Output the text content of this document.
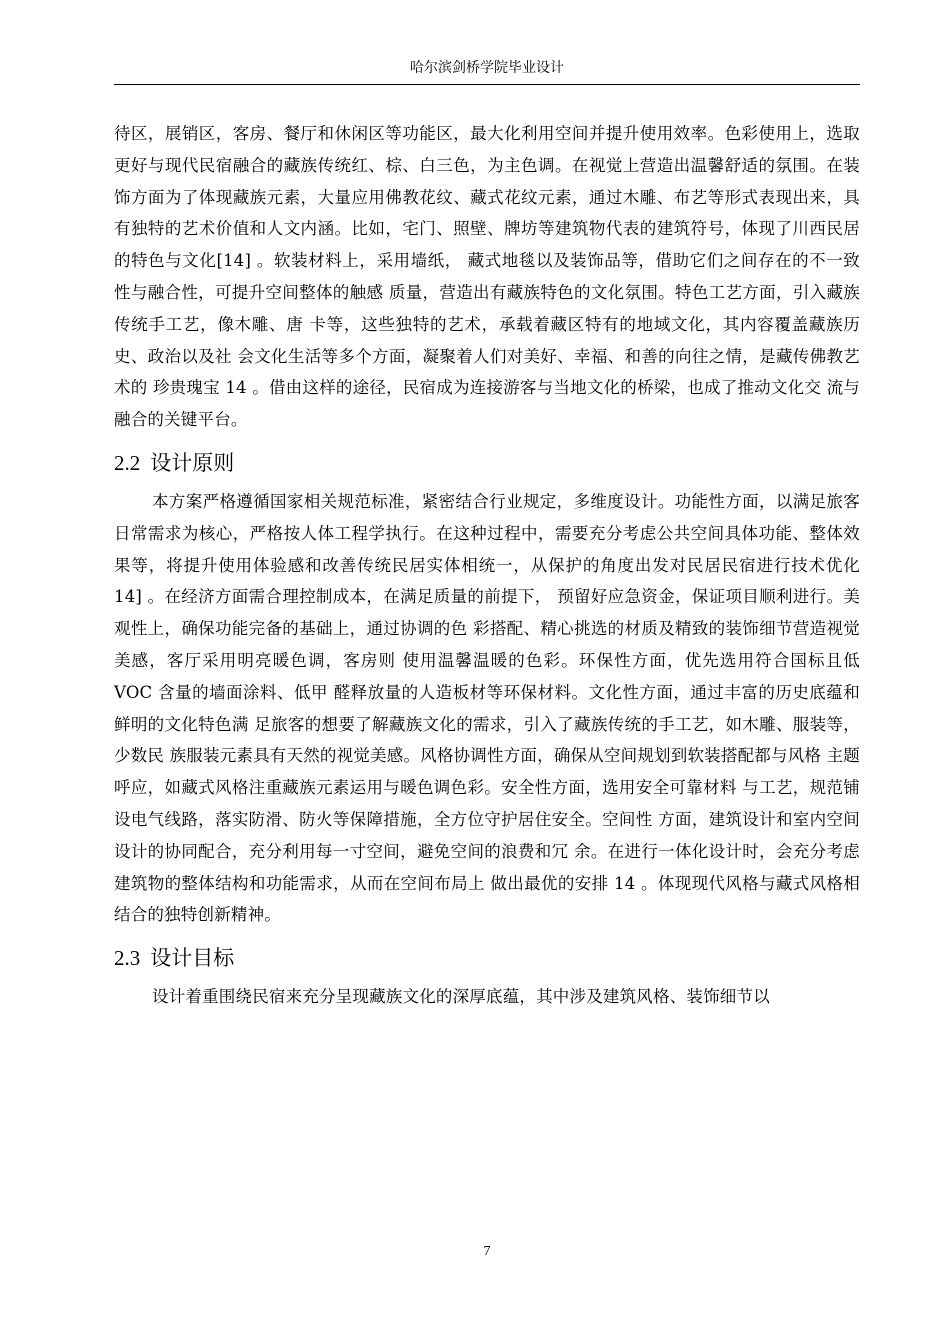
哈尔滨剑桥学院毕业设计

待区，展销区，客房、餐厅和休闲区等功能区，最大化利用空间并提升使用效率。色彩使用上，选取更好与现代民宿融合的藏族传统红、棕、白三色，为主色调。在视觉上营造出温馨舒适的氛围。在装饰方面为了体现藏族元素，大量应用佛教花纹、藏式花纹元素，通过木雕、布艺等形式表现出来，具有独特的艺术价值和人文内涵。比如，宅门、照壁、牌坊等建筑物代表的建筑符号，体现了川西民居的特色与文化[14] 。软装材料上，采用墙纸， 藏式地毯以及装饰品等，借助它们之间存在的不一致性与融合性，可提升空间整体的触感 质量，营造出有藏族特色的文化氛围。特色工艺方面，引入藏族传统手工艺，像木雕、唐 卡等，这些独特的艺术，承载着藏区特有的地域文化，其内容覆盖藏族历史、政治以及社 会文化生活等多个方面，凝聚着人们对美好、幸福、和善的向往之情，是藏传佛教艺术的 珍贵瑰宝 14 。借由这样的途径，民宿成为连接游客与当地文化的桥梁，也成了推动文化交 流与融合的关键平台。

2.2 设计原则

本方案严格遵循国家相关规范标准，紧密结合行业规定，多维度设计。功能性方面，以满足旅客日常需求为核心，严格按人体工程学执行。在这种过程中，需要充分考虑公共空间具体功能、整体效果等，将提升使用体验感和改善传统民居实体相统一，从保护的角度出发对民居民宿进行技术优化 14] 。在经济方面需合理控制成本，在满足质量的前提下， 预留好应急资金，保证项目顺利进行。美观性上，确保功能完备的基础上，通过协调的色 彩搭配、精心挑选的材质及精致的装饰细节营造视觉美感，客厅采用明亮暖色调，客房则 使用温馨温暖的色彩。环保性方面，优先选用符合国标且低 VOC 含量的墙面涂料、低甲 醛释放量的人造板材等环保材料。文化性方面，通过丰富的历史底蕴和鲜明的文化特色满 足旅客的想要了解藏族文化的需求，引入了藏族传统的手工艺，如木雕、服装等，少数民 族服装元素具有天然的视觉美感。风格协调性方面，确保从空间规划到软装搭配都与风格 主题呼应，如藏式风格注重藏族元素运用与暖色调色彩。安全性方面，选用安全可靠材料 与工艺，规范铺设电气线路，落实防滑、防火等保障措施，全方位守护居住安全。空间性 方面，建筑设计和室内空间设计的协同配合，充分利用每一寸空间，避免空间的浪费和冗 余。在进行一体化设计时，会充分考虑建筑物的整体结构和功能需求，从而在空间布局上 做出最优的安排 14 。体现现代风格与藏式风格相结合的独特创新精神。

2.3 设计目标

设计着重围绕民宿来充分呈现藏族文化的深厚底蕴，其中涉及建筑风格、装饰细节以

7
